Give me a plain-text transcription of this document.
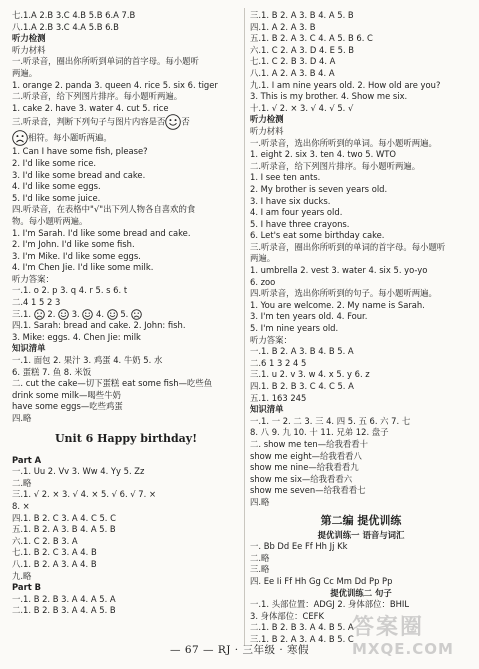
七.1.A 2.B 3.C 4.B 5.B 6.A 7.B
八.1.A 2.B 3.C 4.A 5.B 6.B
听力检测
听力材料
一.听录音，圈出你所听到单词的首字母。每小题听
两遍。
1. orange 2. panda 3. queen 4. rice 5. six 6. tiger
二.听录音，给下列图片排序。每小题听两遍。
1. cake 2. have 3. water 4. cut 5. rice
三.听录音，判断下列句子与图片内容是否 否
相符。每小题听两遍。
1. Can I have some fish, please?
2. I'd like some rice.
3. I'd like some bread and cake.
4. I'd like some eggs.
5. I'd like some juice.
四.听录音，在表格中"√"出下列人物各自喜欢的食
物。每小题听两遍。
1. I'm Sarah. I'd like some bread and cake.
2. I'm John. I'd like some fish.
3. I'm Mike. I'd like some eggs.
4. I'm Chen Jie. I'd like some milk.
听力答案：
一.1. o 2. p 3. q 4. r 5. s 6. t
二.4 1 5 2 3
三.1.
2.
3.
4.
5.
四.1. Sarah: bread and cake. 2. John: fish.
3. Mike: eggs. 4. Chen Jie: milk
知识清单
一.1. 面包 2. 果汁 3. 鸡蛋 4. 牛奶 5. 水
6. 蛋糕 7. 鱼 8. 米饭
二. cut the cake—切下蛋糕 eat some fish—吃些鱼
drink some milk—喝些牛奶
have some eggs—吃些鸡蛋
四.略
Unit 6 Happy birthday!
Part A
一.1. Uu 2. Vv 3. Ww 4. Yy 5. Zz
二.略
三.1. √ 2. × 3. √ 4. × 5. √ 6. √ 7. ×
8. ×
四.1. B 2. C 3. A 4. C 5. C
五.1. B 2. A 3. B 4. A 5. B
六.1. C 2. B 3. A
七.1. B 2. C 3. A 4. B
八.1. B 2. A 3. A 4. B
九.略
Part B
一.1. B 2. B 3. A 4. A 5. A
二.1. B 2. B 3. A 4. A 5. B
三.1. B 2. A 3. B 4. A 5. B
四.1. A 2. A 3. B
五.1. B 2. A 3. C 4. A 5. B 6. C
六.1. C 2. A 3. D 4. E 5. B
七.1. C 2. B 3. D 4. A
八.1. A 2. A 3. B 4. A
九.1. I am nine years old. 2. How old are you?
3. This is my brother. 4. Show me six.
十.1. √ 2. × 3. √ 4. √ 5. √
听力检测
听力材料
一.听录音，选出你所听到的单词。每小题听两遍。
1. eight 2. six 3. ten 4. two 5. WTO
二.听录音，给下列图片排序。每小题听两遍。
1. I see ten ants.
2. My brother is seven years old.
3. I have six ducks.
4. I am four years old.
5. I have three crayons.
6. Let's eat some birthday cake.
三.听录音，圈出你所听到的单词的首字母。每小题听
两遍。
1. umbrella 2. vest 3. water 4. six 5. yo-yo
6. zoo
四.听录音，选出你所听到的句子。每小题听两遍。
1. You are welcome. 2. My name is Sarah.
3. I'm ten years old. 4. Four.
5. I'm nine years old.
听力答案：
一.1. B 2. A 3. B 4. B 5. A
二.6 1 3 2 4 5
三.1. u 2. v 3. w 4. x 5. y 6. z
四.1. B 2. B 3. C 4. C 5. A
五.1. 163 245
知识清单
一.1. 一 2. 二 3. 三 4. 四 5. 五 6. 六 7. 七
8. 八 9. 九 10. 十 11. 兄弟 12. 盘子
二. show me ten—给我看看十
show me eight—给我看看八
show me nine—给我看看九
show me six—给我看看六
show me seven—给我看看七
四.略
第二编 提优训练
提优训练一 语音与词汇
一. Bb Dd Ee Ff Hh Jj Kk
二.略
三.略
四. Ee Ii Ff Hh Gg Cc Mm Dd Pp Pp
提优训练二 句子
一.1. 头部位置：ADGJ 2. 身体部位：BHIL
3. 身体部位：CEFK
二.1. B 2. B 3. A 4. B 5. A
三.1. B 2. A 3. A 4. B 5. C
— 67 — RJ · 三年级 · 寒假
答案圈
MXQE.COM
